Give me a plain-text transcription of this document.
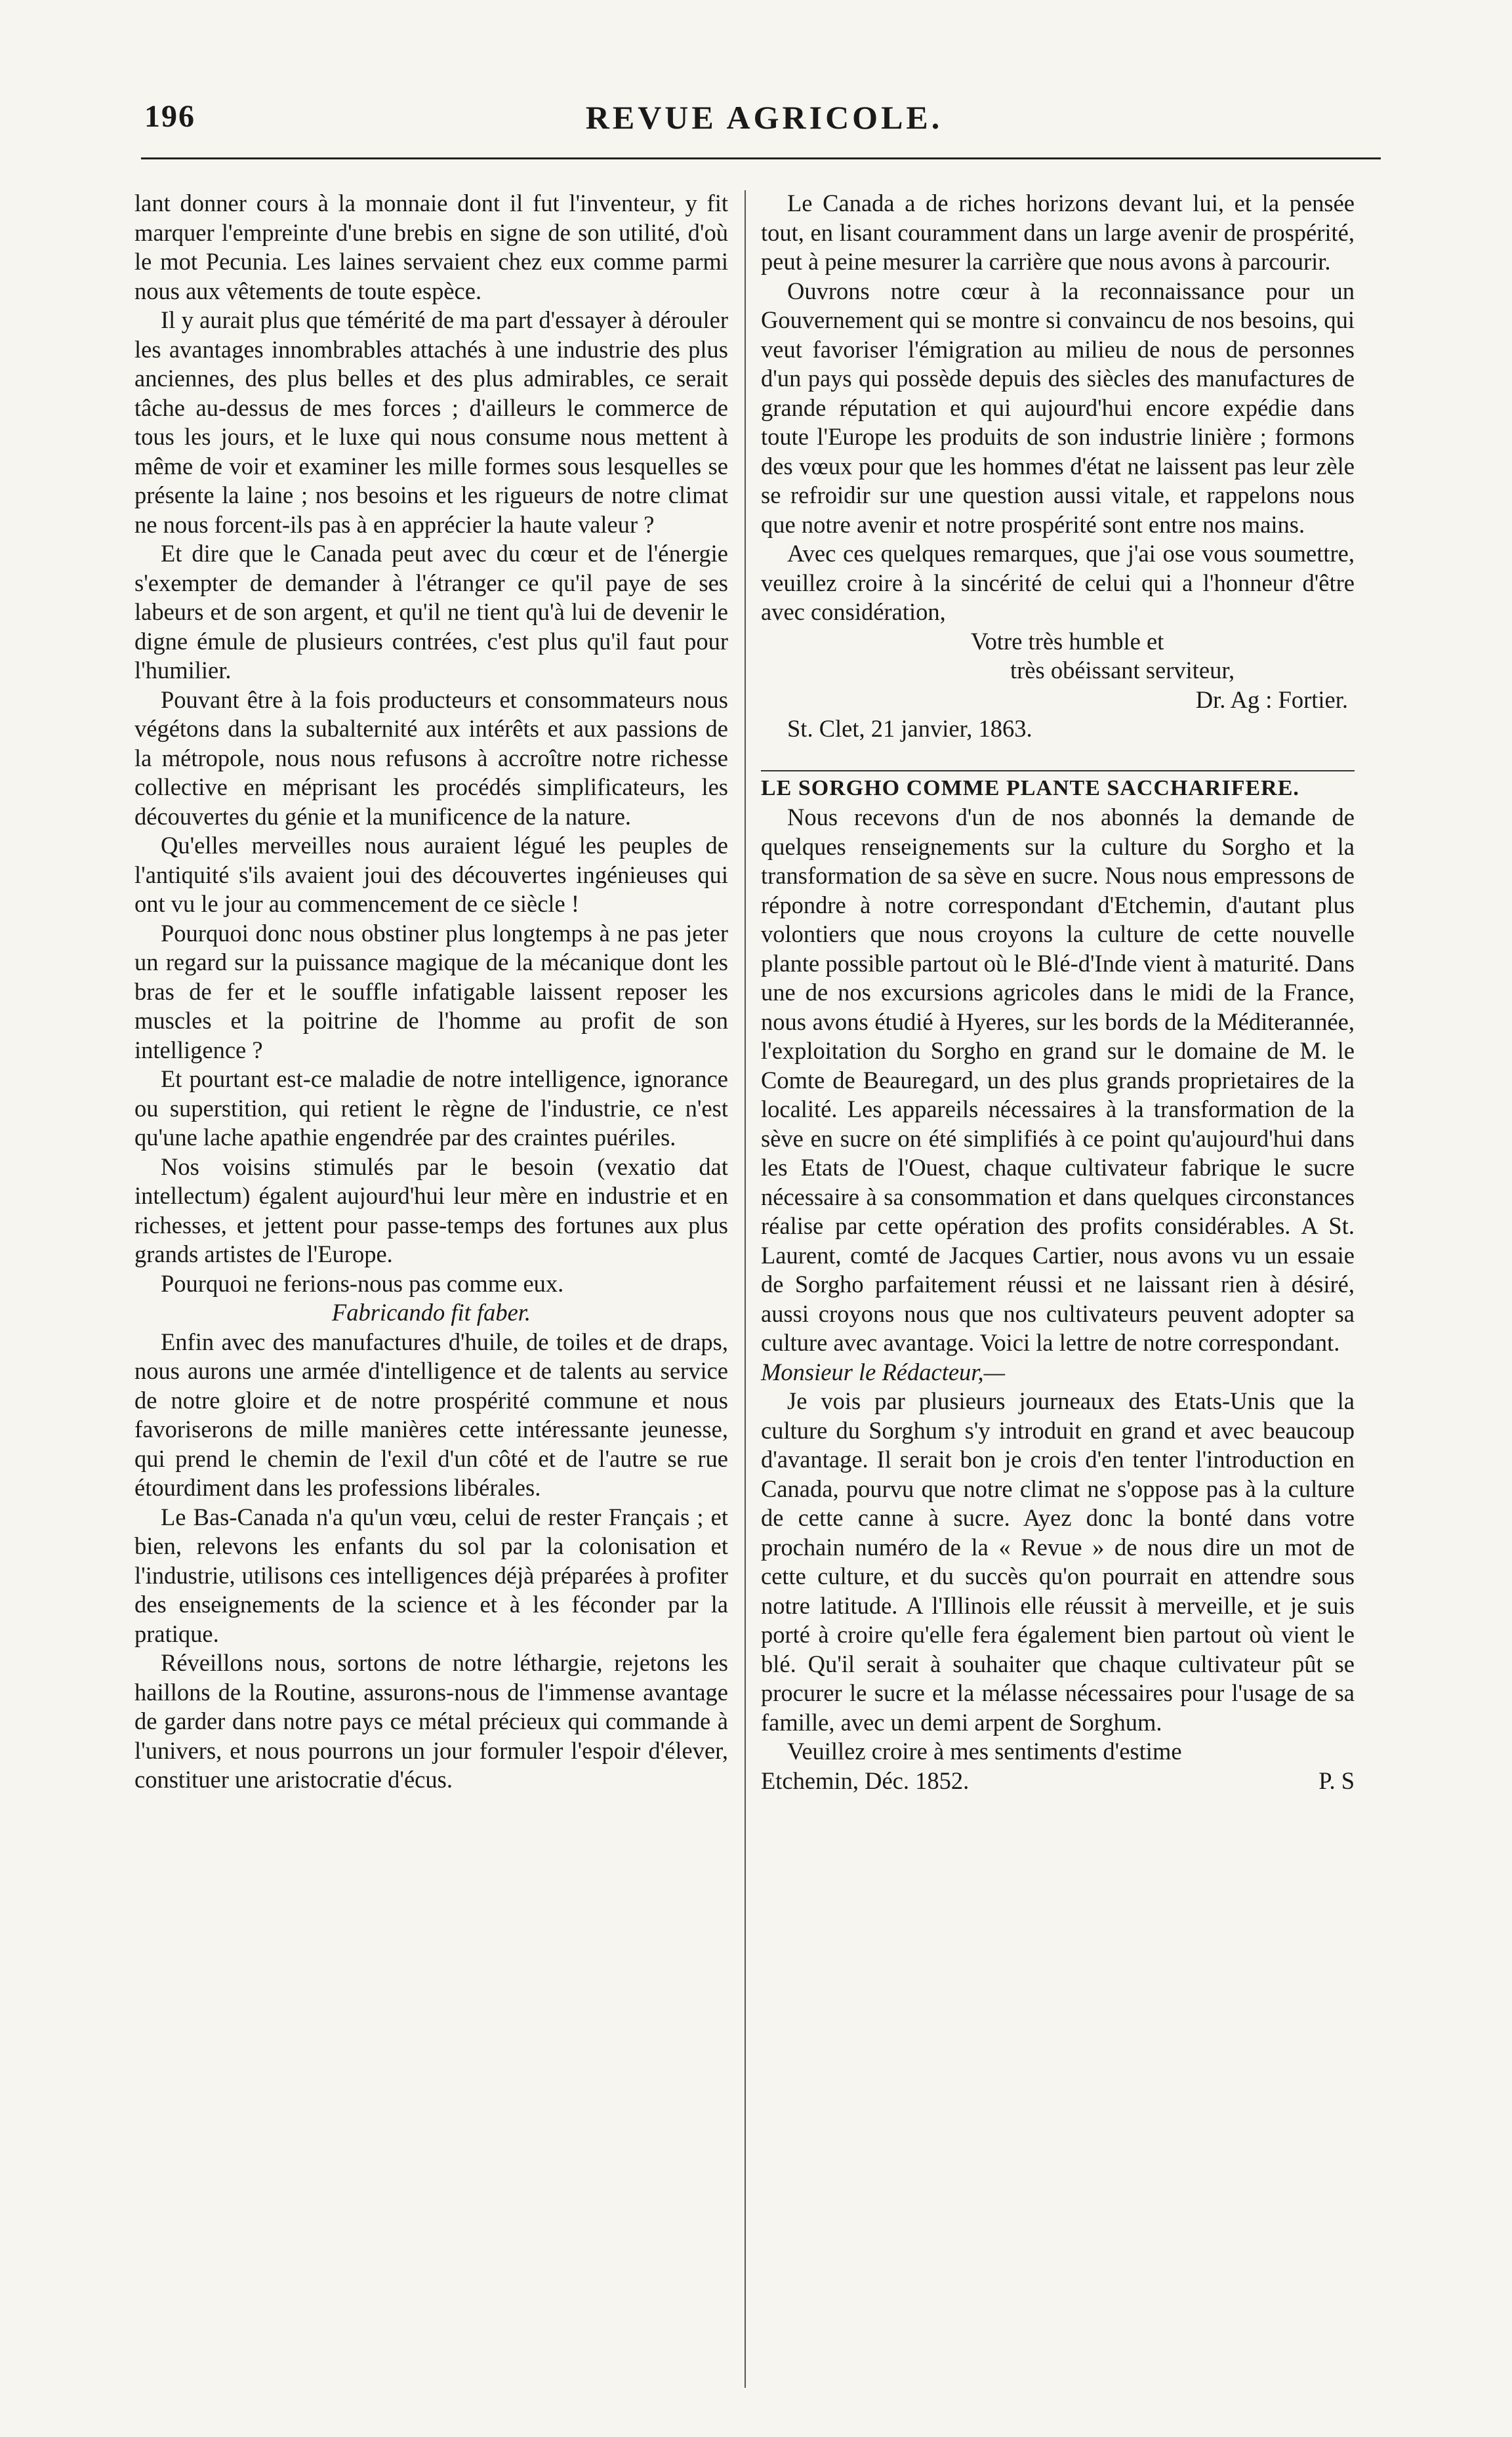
196	REVUE AGRICOLE.

lant donner cours à la monnaie dont il fut l'inventeur, y fit marquer l'empreinte d'une brebis en signe de son utilité, d'où le mot Pecunia. Les laines servaient chez eux comme parmi nous aux vêtements de toute espèce.

Il y aurait plus que témérité de ma part d'essayer à dérouler les avantages innombrables attachés à une industrie des plus anciennes, des plus belles et des plus admirables, ce serait tâche au-dessus de mes forces ; d'ailleurs le commerce de tous les jours, et le luxe qui nous consume nous mettent à même de voir et examiner les mille formes sous lesquelles se présente la laine ; nos besoins et les rigueurs de notre climat ne nous forcent-ils pas à en apprécier la haute valeur ?

Et dire que le Canada peut avec du cœur et de l'énergie s'exempter de demander à l'étranger ce qu'il paye de ses labeurs et de son argent, et qu'il ne tient qu'à lui de devenir le digne émule de plusieurs contrées, c'est plus qu'il faut pour l'humilier.

Pouvant être à la fois producteurs et consommateurs nous végétons dans la subalternité aux intérêts et aux passions de la métropole, nous nous refusons à accroître notre richesse collective en méprisant les procédés simplificateurs, les découvertes du génie et la munificence de la nature.

Qu'elles merveilles nous auraient légué les peuples de l'antiquité s'ils avaient joui des découvertes ingénieuses qui ont vu le jour au commencement de ce siècle !

Pourquoi donc nous obstiner plus longtemps à ne pas jeter un regard sur la puissance magique de la mécanique dont les bras de fer et le souffle infatigable laissent reposer les muscles et la poitrine de l'homme au profit de son intelligence ?

Et pourtant est-ce maladie de notre intelligence, ignorance ou superstition, qui retient le règne de l'industrie, ce n'est qu'une lache apathie engendrée par des craintes puériles.

Nos voisins stimulés par le besoin (vexatio dat intellectum) égalent aujourd'hui leur mère en industrie et en richesses, et jettent pour passe-temps des fortunes aux plus grands artistes de l'Europe.

Pourquoi ne ferions-nous pas comme eux.

Fabricando fit faber.

Enfin avec des manufactures d'huile, de toiles et de draps, nous aurons une armée d'intelligence et de talents au service de notre gloire et de notre prospérité commune et nous favoriserons de mille manières cette intéressante jeunesse, qui prend le chemin de l'exil d'un côté et de l'autre se rue étourdiment dans les professions libérales.

Le Bas-Canada n'a qu'un vœu, celui de rester Français ; et bien, relevons les enfants du sol par la colonisation et l'industrie, utilisons ces intelligences déjà préparées à profiter des enseignements de la science et à les féconder par la pratique.

Réveillons nous, sortons de notre léthargie, rejetons les haillons de la Routine, assurons-nous de l'immense avantage de garder dans notre pays ce métal précieux qui commande à l'univers, et nous pourrons un jour formuler l'espoir d'élever, constituer une aristocratie d'écus.

Le Canada a de riches horizons devant lui, et la pensée tout, en lisant couramment dans un large avenir de prospérité, peut à peine mesurer la carrière que nous avons à parcourir.

Ouvrons notre cœur à la reconnaissance pour un Gouvernement qui se montre si convaincu de nos besoins, qui veut favoriser l'émigration au milieu de nous de personnes d'un pays qui possède depuis des siècles des manufactures de grande réputation et qui aujourd'hui encore expédie dans toute l'Europe les produits de son industrie linière ; formons des vœux pour que les hommes d'état ne laissent pas leur zèle se refroidir sur une question aussi vitale, et rappelons nous que notre avenir et notre prospérité sont entre nos mains.

Avec ces quelques remarques, que j'ai ose vous soumettre, veuillez croire à la sincérité de celui qui a l'honneur d'être avec considération,

Votre très humble et

très obéissant serviteur,

Dr. Ag : Fortier.

St. Clet, 21 janvier, 1863.

LE SORGHO COMME PLANTE SACCHARIFERE.

Nous recevons d'un de nos abonnés la demande de quelques renseignements sur la culture du Sorgho et la transformation de sa sève en sucre. Nous nous empressons de répondre à notre correspondant d'Etchemin, d'autant plus volontiers que nous croyons la culture de cette nouvelle plante possible partout où le Blé-d'Inde vient à maturité. Dans une de nos excursions agricoles dans le midi de la France, nous avons étudié à Hyeres, sur les bords de la Méditerannée, l'exploitation du Sorgho en grand sur le domaine de M. le Comte de Beauregard, un des plus grands proprietaires de la localité. Les appareils nécessaires à la transformation de la sève en sucre on été simplifiés à ce point qu'aujourd'hui dans les Etats de l'Ouest, chaque cultivateur fabrique le sucre nécessaire à sa consommation et dans quelques circonstances réalise par cette opération des profits considérables. A St. Laurent, comté de Jacques Cartier, nous avons vu un essaie de Sorgho parfaitement réussi et ne laissant rien à désiré, aussi croyons nous que nos cultivateurs peuvent adopter sa culture avec avantage. Voici la lettre de notre correspondant.

Monsieur le Rédacteur,—

Je vois par plusieurs journeaux des Etats-Unis que la culture du Sorghum s'y introduit en grand et avec beaucoup d'avantage. Il serait bon je crois d'en tenter l'introduction en Canada, pourvu que notre climat ne s'oppose pas à la culture de cette canne à sucre. Ayez donc la bonté dans votre prochain numéro de la « Revue » de nous dire un mot de cette culture, et du succès qu'on pourrait en attendre sous notre latitude. A l'Illinois elle réussit à merveille, et je suis porté à croire qu'elle fera également bien partout où vient le blé. Qu'il serait à souhaiter que chaque cultivateur pût se procurer le sucre et la mélasse nécessaires pour l'usage de sa famille, avec un demi arpent de Sorghum.

Veuillez croire à mes sentiments d'estime

Etchemin, Déc. 1852.	P. S
